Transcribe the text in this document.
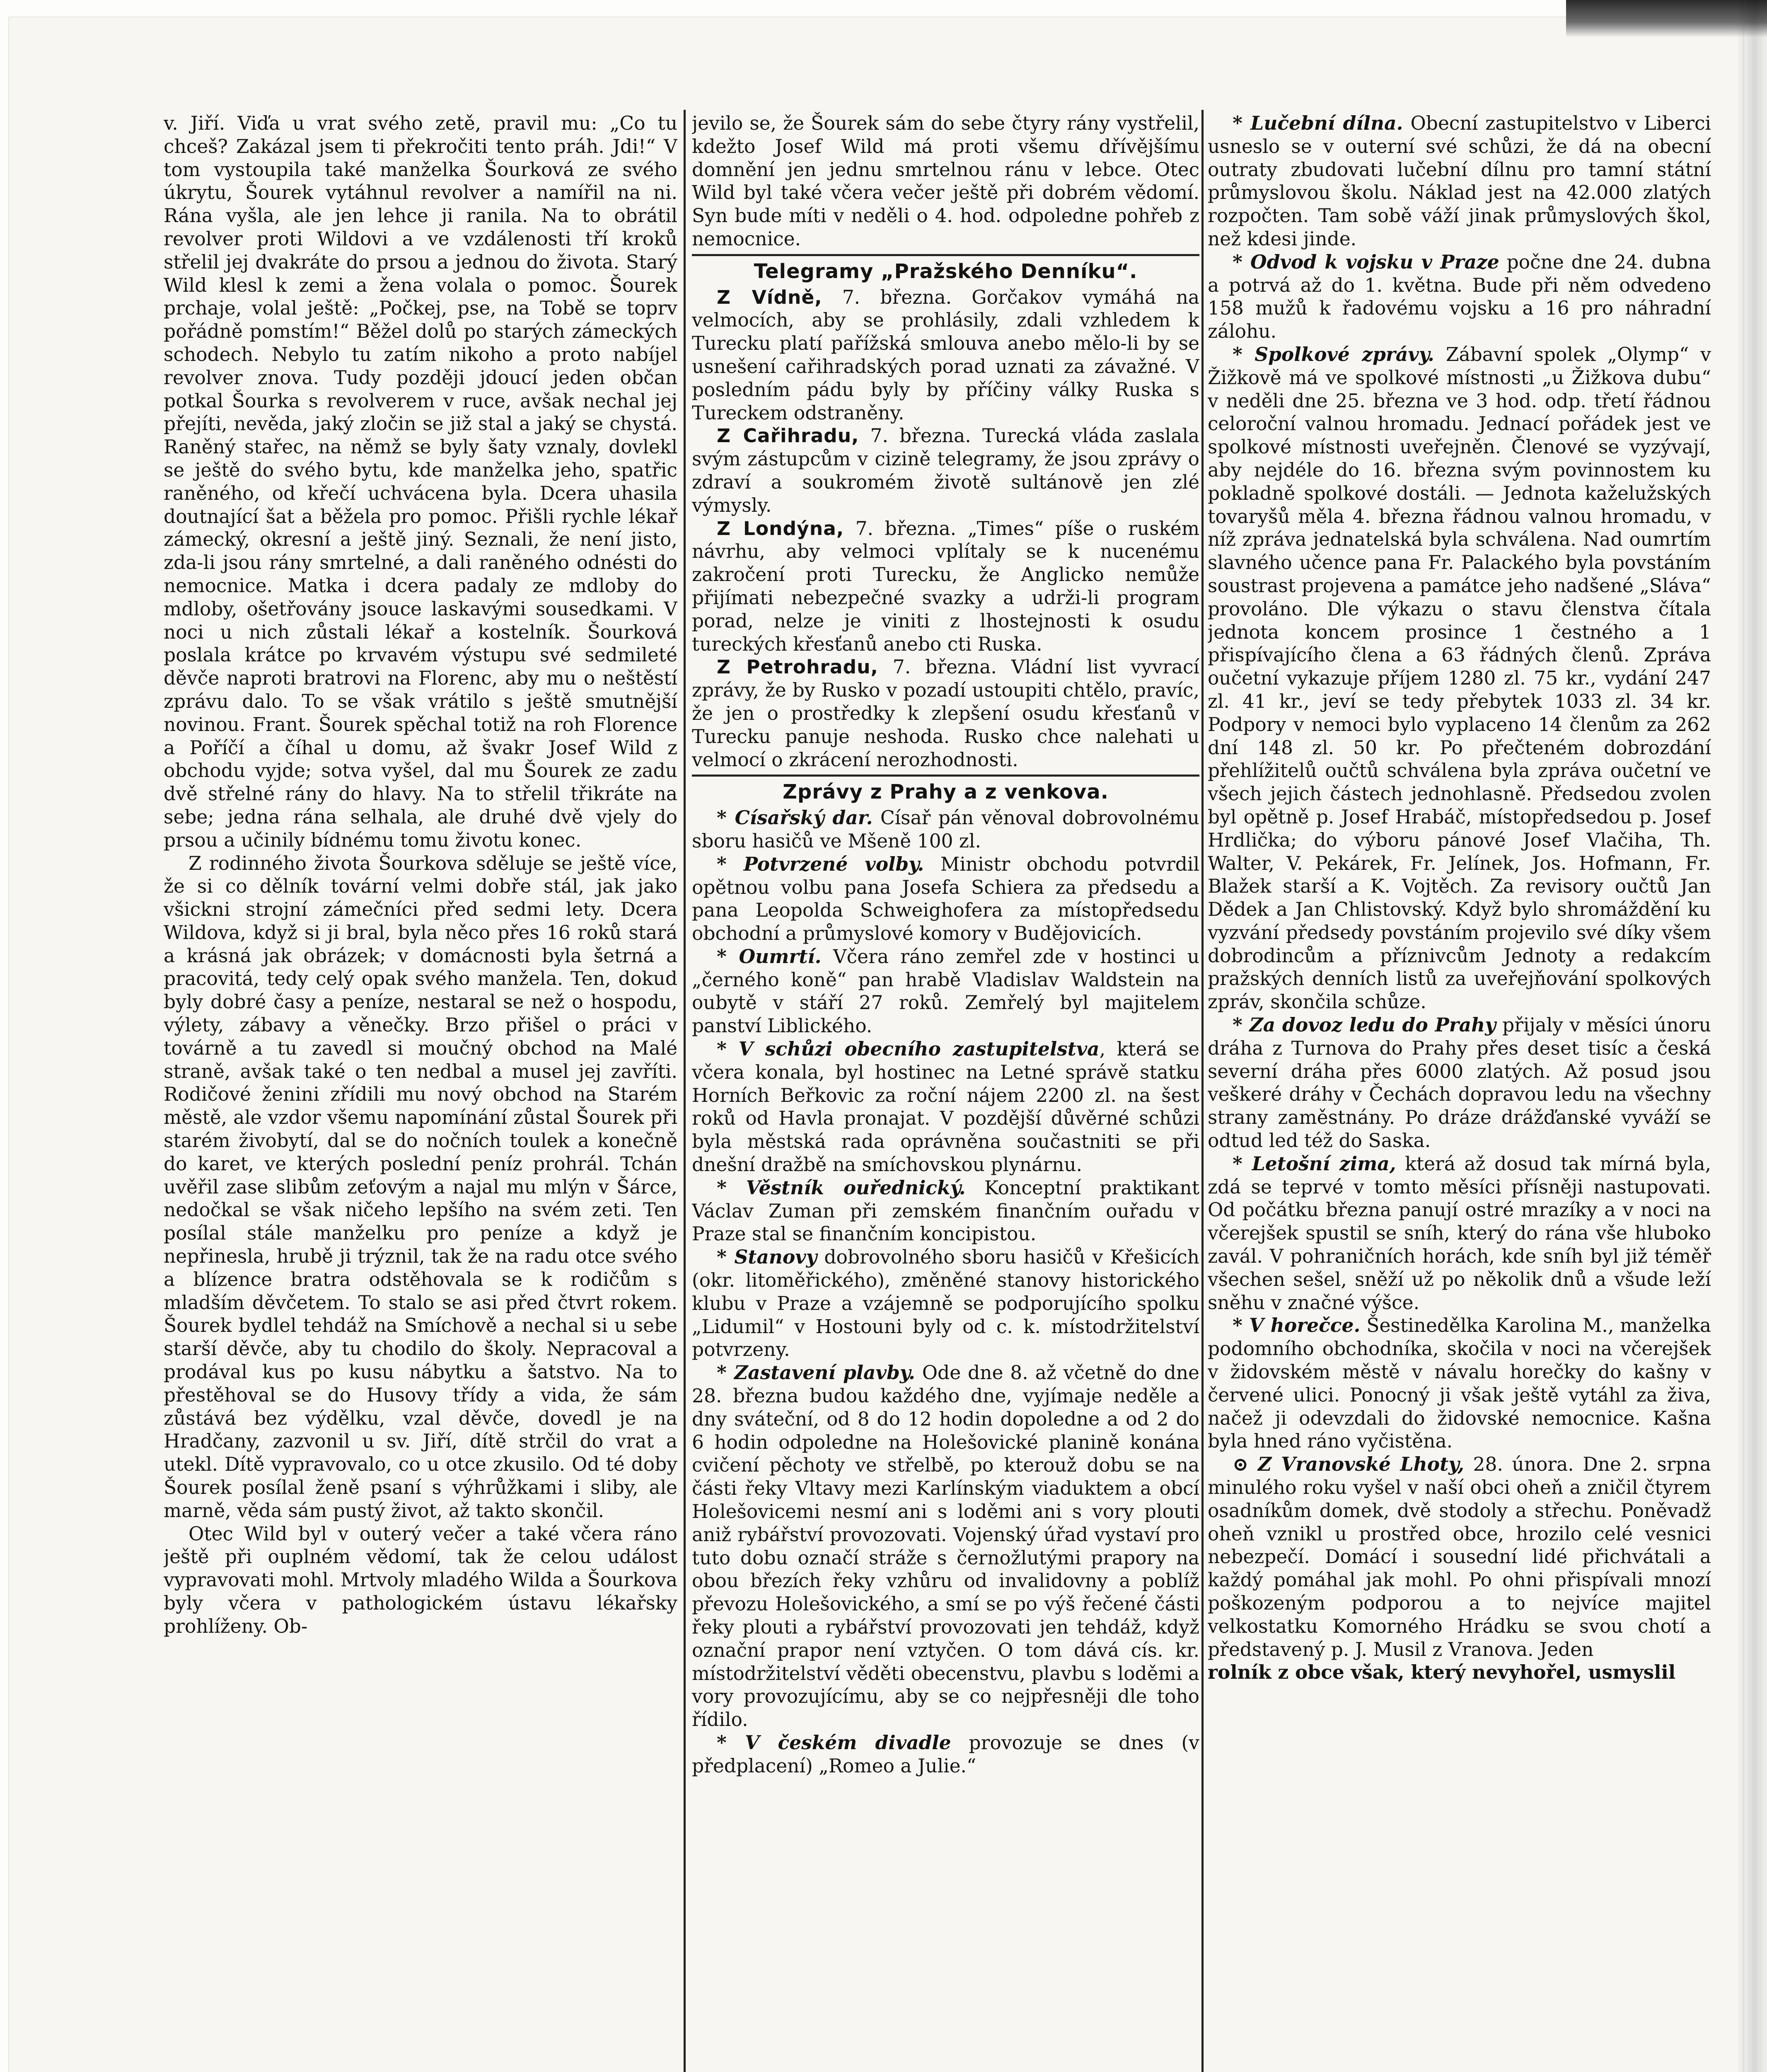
v. Jiří. Viďa u vrat svého zetě, pravil mu: „Co tu chceš? Zakázal jsem ti překročiti tento práh. Jdi!“ V tom vystoupila také manželka Šourková ze svého úkrytu, Šourek vytáhnul revolver a namířil na ni. Rána vyšla, ale jen lehce ji ranila. Na to obrátil revolver proti Wildovi a ve vzdálenosti tří kroků střelil jej dvakráte do prsou a jednou do života. Starý Wild klesl k zemi a žena volala o pomoc. Šourek prchaje, volal ještě: „Počkej, pse, na Tobě se toprv pořádně pomstím!“ Běžel dolů po starých zámeckých schodech. Nebylo tu zatím nikoho a proto nabíjel revolver znova. Tudy později jdoucí jeden občan potkal Šourka s revolverem v ruce, avšak nechal jej přejíti, nevěda, jaký zločin se již stal a jaký se chystá. Raněný stařec, na němž se byly šaty vznaly, dovlekl se ještě do svého bytu, kde manželka jeho, spatřic raněného, od křečí uchvácena byla. Dcera uhasila doutnající šat a běžela pro pomoc. Přišli rychle lékař zámecký, okresní a ještě jiný. Seznali, že není jisto, zda-li jsou rány smrtelné, a dali raněného odnésti do nemocnice. Matka i dcera padaly ze mdloby do mdloby, ošetřovány jsouce laskavými sousedkami. V noci u nich zůstali lékař a kostelník. Šourková poslala krátce po krvavém výstupu své sedmileté děvče naproti bratrovi na Florenc, aby mu o neštěstí zprávu dalo. To se však vrátilo s ještě smutnější novinou. Frant. Šourek spěchal totiž na roh Florence a Poříčí a číhal u domu, až švakr Josef Wild z obchodu vyjde; sotva vyšel, dal mu Šourek ze zadu dvě střelné rány do hlavy. Na to střelil třikráte na sebe; jedna rána selhala, ale druhé dvě vjely do prsou a učinily bídnému tomu životu konec.

Z rodinného života Šourkova sděluje se ještě více, že si co dělník tovární velmi dobře stál, jak jako všickni strojní zámečníci před sedmi lety. Dcera Wildova, když si ji bral, byla něco přes 16 roků stará a krásná jak obrázek; v domácnosti byla šetrná a pracovitá, tedy celý opak svého manžela. Ten, dokud byly dobré časy a peníze, nestaral se než o hospodu, výlety, zábavy a věnečky. Brzo přišel o práci v továrně a tu zavedl si moučný obchod na Malé straně, avšak také o ten nedbal a musel jej zavříti. Rodičové ženini zřídili mu nový obchod na Starém městě, ale vzdor všemu napomínání zůstal Šourek při starém živobytí, dal se do nočních toulek a konečně do karet, ve kterých poslední peníz prohrál. Tchán uvěřil zase slibům zeťovým a najal mu mlýn v Šárce, nedočkal se však ničeho lepšího na svém zeti. Ten posílal stále manželku pro peníze a když je nepřinesla, hrubě ji trýznil, tak že na radu otce svého a blízence bratra odstěhovala se k rodičům s mladším děvčetem. To stalo se asi před čtvrt rokem. Šourek bydlel tehdáž na Smíchově a nechal si u sebe starší děvče, aby tu chodilo do školy. Nepracoval a prodával kus po kusu nábytku a šatstvo. Na to přestěhoval se do Husovy třídy a vida, že sám zůstává bez výdělku, vzal děvče, dovedl je na Hradčany, zazvonil u sv. Jiří, dítě strčil do vrat a utekl. Dítě vypravovalo, co u otce zkusilo. Od té doby Šourek posílal ženě psaní s výhrůžkami i sliby, ale marně, věda sám pustý život, až takto skončil.

Otec Wild byl v outerý večer a také včera ráno ještě při ouplném vědomí, tak že celou událost vypravovati mohl. Mrtvoly mladého Wilda a Šourkova byly včera v pathologickém ústavu lékařsky prohlíženy. Ob-

jevilo se, že Šourek sám do sebe čtyry rány vystřelil, kdežto Josef Wild má proti všemu dřívějšímu domnění jen jednu smrtelnou ránu v lebce. Otec Wild byl také včera večer ještě při dobrém vědomí. Syn bude míti v neděli o 4. hod. odpoledne pohřeb z nemocnice.

Telegramy „Pražského Denníku“.

Z Vídně, 7. března. Gorčakov vymáhá na velmocích, aby se prohlásily, zdali vzhledem k Turecku platí pařížská smlouva anebo mělo-li by se usnešení cařihradských porad uznati za závažné. V posledním pádu byly by příčiny války Ruska s Tureckem odstraněny.

Z Cařihradu, 7. března. Turecká vláda zaslala svým zástupcům v cizině telegramy, že jsou zprávy o zdraví a soukromém životě sultánově jen zlé výmysly.

Z Londýna, 7. března. „Times“ píše o ruském návrhu, aby velmoci vplítaly se k nucenému zakročení proti Turecku, že Anglicko nemůže přijímati nebezpečné svazky a udrži-li program porad, nelze je viniti z lhostejnosti k osudu tureckých křesťanů anebo cti Ruska.

Z Petrohradu, 7. března. Vládní list vyvrací zprávy, že by Rusko v pozadí ustoupiti chtělo, pravíc, že jen o prostředky k zlepšení osudu křesťanů v Turecku panuje neshoda. Rusko chce nalehati u velmocí o zkrácení nerozhodnosti.

Zprávy z Prahy a z venkova.

* Císařský dar. Císař pán věnoval dobrovolnému sboru hasičů ve Mšeně 100 zl.

* Potvrzené volby. Ministr obchodu potvrdil opětnou volbu pana Josefa Schiera za předsedu a pana Leopolda Schweighofera za místopředsedu obchodní a průmyslové komory v Budějovicích.

* Oumrtí. Včera ráno zemřel zde v hostinci u „černého koně“ pan hrabě Vladislav Waldstein na oubytě v stáří 27 roků. Zemřelý byl majitelem panství Liblického.

* V schůzi obecního zastupitelstva, která se včera konala, byl hostinec na Letné správě statku Horních Beřkovic za roční nájem 2200 zl. na šest roků od Havla pronajat. V pozdější důvěrné schůzi byla městská rada oprávněna součastniti se při dnešní dražbě na smíchovskou plynárnu.

* Věstník ouřednický. Konceptní praktikant Václav Zuman při zemském finančním ouřadu v Praze stal se finančním koncipistou.

* Stanovy dobrovolného sboru hasičů v Křešicích (okr. litoměřického), změněné stanovy historického klubu v Praze a vzájemně se podporujícího spolku „Lidumil“ v Hostouni byly od c. k. místodržitelství potvrzeny.

* Zastavení plavby. Ode dne 8. až včetně do dne 28. března budou každého dne, vyjímaje neděle a dny sváteční, od 8 do 12 hodin dopoledne a od 2 do 6 hodin odpoledne na Holešovické planině konána cvičení pěchoty ve střelbě, po kterouž dobu se na části řeky Vltavy mezi Karlínským viaduktem a obcí Holešovicemi nesmí ani s loděmi ani s vory plouti aniž rybářství provozovati. Vojenský úřad vystaví pro tuto dobu označí stráže s černožlutými prapory na obou březích řeky vzhůru od invalidovny a poblíž převozu Holešovického, a smí se po výš řečené části řeky plouti a rybářství provozovati jen tehdáž, když označní prapor není vztyčen. O tom dává cís. kr. místodržitelství věděti obecenstvu, plavbu s loděmi a vory provozujícímu, aby se co nejpřesněji dle toho řídilo.

* V českém divadle provozuje se dnes (v předplacení) „Romeo a Julie.“

* Lučební dílna. Obecní zastupitelstvo v Liberci usneslo se v outerní své schůzi, že dá na obecní outraty zbudovati lučební dílnu pro tamní státní průmyslovou školu. Náklad jest na 42.000 zlatých rozpočten. Tam sobě váží jinak průmyslových škol, než kdesi jinde.

* Odvod k vojsku v Praze počne dne 24. dubna a potrvá až do 1. května. Bude při něm odvedeno 158 mužů k řadovému vojsku a 16 pro náhradní zálohu.

* Spolkové zprávy. Zábavní spolek „Olymp“ v Žižkově má ve spolkové místnosti „u Žižkova dubu“ v neděli dne 25. března ve 3 hod. odp. třetí řádnou celoroční valnou hromadu. Jednací pořádek jest ve spolkové místnosti uveřejněn. Členové se vyzývají, aby nejdéle do 16. března svým povinnostem ku pokladně spolkové dostáli. — Jednota kaželužských tovaryšů měla 4. března řádnou valnou hromadu, v níž zpráva jednatelská byla schválena. Nad oumrtím slavného učence pana Fr. Palackého byla povstáním soustrast projevena a památce jeho nadšené „Sláva“ provoláno. Dle výkazu o stavu členstva čítala jednota koncem prosince 1 čestného a 1 přispívajícího člena a 63 řádných členů. Zpráva oučetní vykazuje příjem 1280 zl. 75 kr., vydání 247 zl. 41 kr., jeví se tedy přebytek 1033 zl. 34 kr. Podpory v nemoci bylo vyplaceno 14 členům za 262 dní 148 zl. 50 kr. Po přečteném dobrozdání přehlížitelů oučtů schválena byla zpráva oučetní ve všech jejich částech jednohlasně. Předsedou zvolen byl opětně p. Josef Hrabáč, místopředsedou p. Josef Hrdlička; do výboru pánové Josef Vlačiha, Th. Walter, V. Pekárek, Fr. Jelínek, Jos. Hofmann, Fr. Blažek starší a K. Vojtěch. Za revisory oučtů Jan Dědek a Jan Chlistovský. Když bylo shromáždění ku vyzvání předsedy povstáním projevilo své díky všem dobrodincům a příznivcům Jednoty a redakcím pražských denních listů za uveřejňování spolkových zpráv, skončila schůze.

* Za dovoz ledu do Prahy přijaly v měsíci únoru dráha z Turnova do Prahy přes deset tisíc a česká severní dráha přes 6000 zlatých. Až posud jsou veškeré dráhy v Čechách dopravou ledu na všechny strany zaměstnány. Po dráze drážďanské vyváží se odtud led též do Saska.

* Letošní zima, která až dosud tak mírná byla, zdá se teprvé v tomto měsíci přísněji nastupovati. Od počátku března panují ostré mrazíky a v noci na včerejšek spustil se sníh, který do rána vše hluboko zavál. V pohraničních horách, kde sníh byl již téměř všechen sešel, sněží už po několik dnů a všude leží sněhu v značné výšce.

* V horečce. Šestinedělka Karolina M., manželka podomního obchodníka, skočila v noci na včerejšek v židovském městě v návalu horečky do kašny v červené ulici. Ponocný ji však ještě vytáhl za živa, načež ji odevzdali do židovské nemocnice. Kašna byla hned ráno vyčistěna.

⊙ Z Vranovské Lhoty, 28. února. Dne 2. srpna minulého roku vyšel v naší obci oheň a zničil čtyrem osadníkům domek, dvě stodoly a střechu. Poněvadž oheň vznikl u prostřed obce, hrozilo celé vesnici nebezpečí. Domácí i sousední lidé přichvátali a každý pomáhal jak mohl. Po ohni přispívali mnozí poškozeným podporou a to nejvíce majitel velkostatku Komorného Hrádku se svou chotí a představený p. J. Musil z Vranova. Jeden

rolník z obce však, který nevyhořel, usmyslil
